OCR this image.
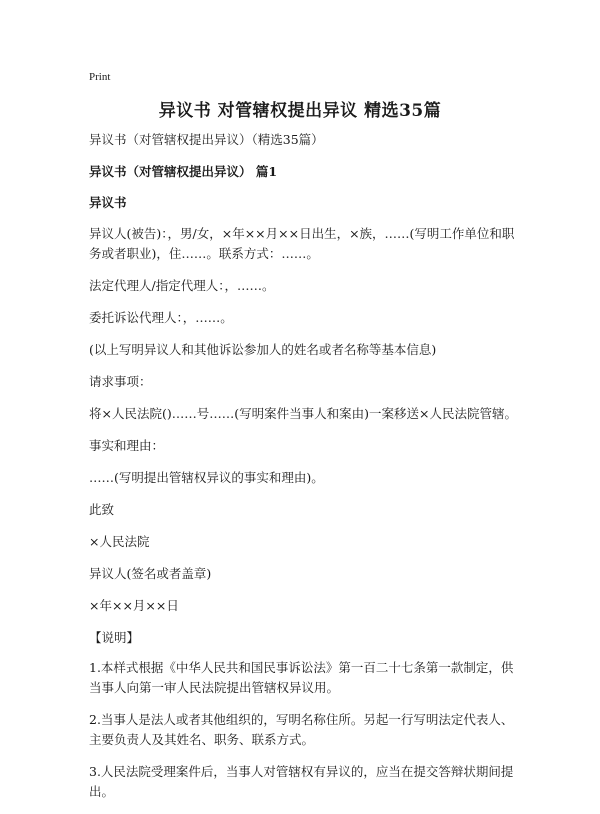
Print
异议书 对管辖权提出异议 精选35篇

异议书（对管辖权提出异议）（精选35篇）

异议书（对管辖权提出异议） 篇1

异议书

异议人(被告)：，男/女，×年××月××日出生，×族，……(写明工作单位和职务或者职业)，住……。联系方式：……。

法定代理人/指定代理人：，……。

委托诉讼代理人：，……。

(以上写明异议人和其他诉讼参加人的姓名或者名称等基本信息)

请求事项：

将×人民法院()……号……(写明案件当事人和案由)一案移送×人民法院管辖。

事实和理由：

……(写明提出管辖权异议的事实和理由)。

此致

×人民法院

异议人(签名或者盖章)

×年××月××日

【说明】

1.本样式根据《中华人民共和国民事诉讼法》第一百二十七条第一款制定，供当事人向第一审人民法院提出管辖权异议用。

2.当事人是法人或者其他组织的，写明名称住所。另起一行写明法定代表人、主要负责人及其姓名、职务、联系方式。

3.人民法院受理案件后，当事人对管辖权有异议的，应当在提交答辩状期间提出。
